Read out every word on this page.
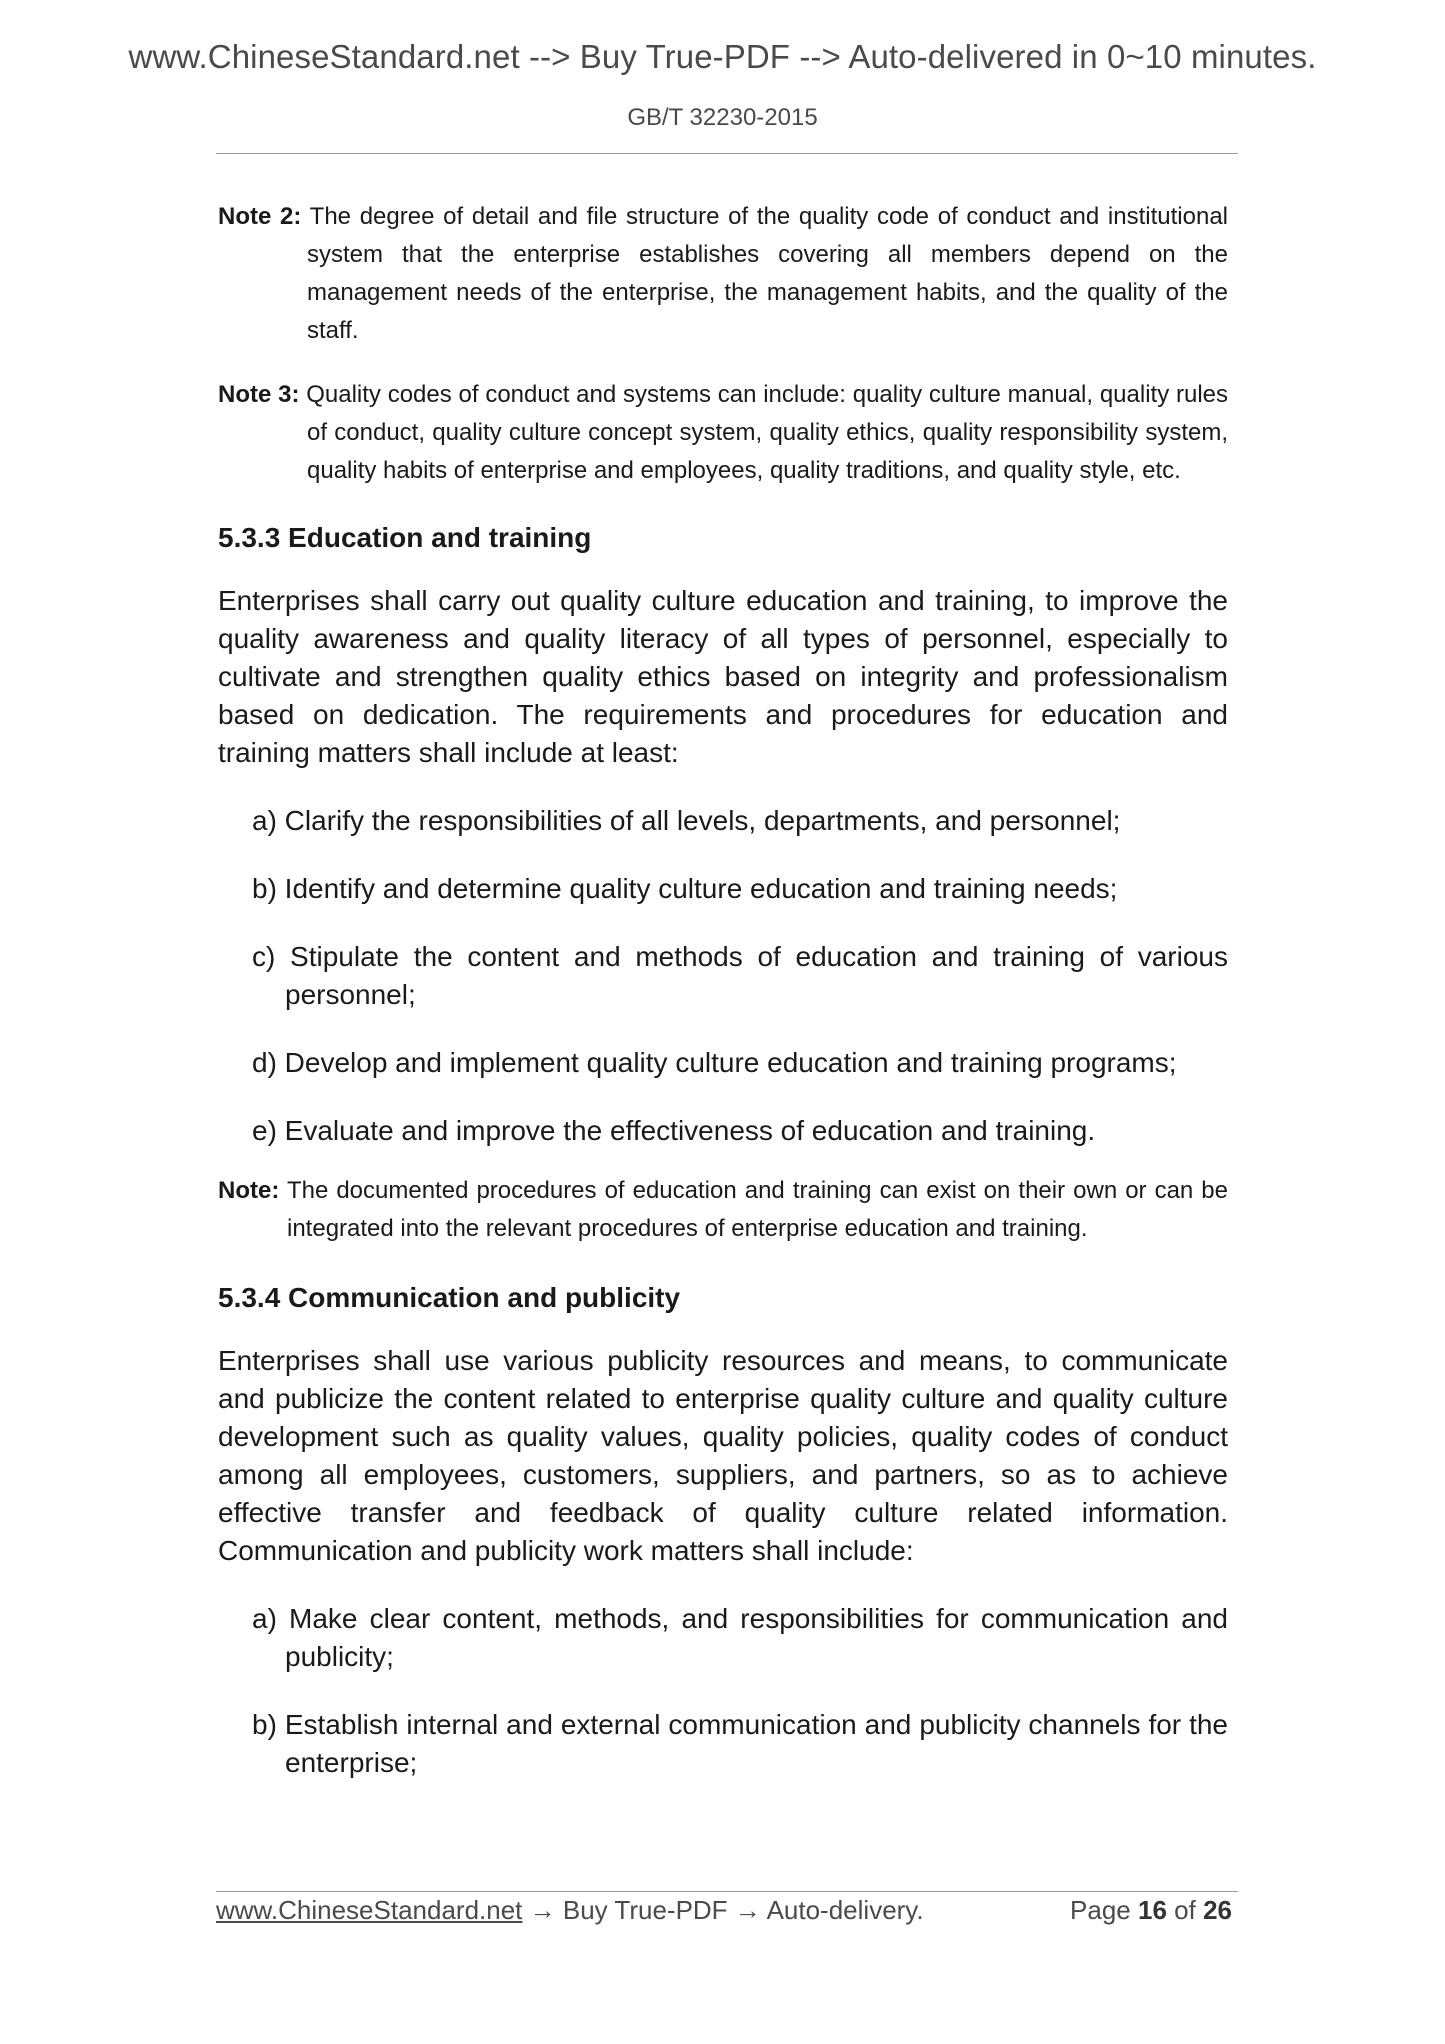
www.ChineseStandard.net --> Buy True-PDF --> Auto-delivered in 0~10 minutes.
GB/T 32230-2015
Note 2: The degree of detail and file structure of the quality code of conduct and institutional system that the enterprise establishes covering all members depend on the management needs of the enterprise, the management habits, and the quality of the staff.
Note 3: Quality codes of conduct and systems can include: quality culture manual, quality rules of conduct, quality culture concept system, quality ethics, quality responsibility system, quality habits of enterprise and employees, quality traditions, and quality style, etc.
5.3.3 Education and training

Enterprises shall carry out quality culture education and training, to improve the quality awareness and quality literacy of all types of personnel, especially to cultivate and strengthen quality ethics based on integrity and professionalism based on dedication. The requirements and procedures for education and training matters shall include at least:

a) Clarify the responsibilities of all levels, departments, and personnel;
b) Identify and determine quality culture education and training needs;
c) Stipulate the content and methods of education and training of various personnel;
d) Develop and implement quality culture education and training programs;
e) Evaluate and improve the effectiveness of education and training.
Note: The documented procedures of education and training can exist on their own or can be integrated into the relevant procedures of enterprise education and training.
5.3.4 Communication and publicity

Enterprises shall use various publicity resources and means, to communicate and publicize the content related to enterprise quality culture and quality culture development such as quality values, quality policies, quality codes of conduct among all employees, customers, suppliers, and partners, so as to achieve effective transfer and feedback of quality culture related information. Communication and publicity work matters shall include:

a) Make clear content, methods, and responsibilities for communication and publicity;
b) Establish internal and external communication and publicity channels for the enterprise;
www.ChineseStandard.net → Buy True-PDF → Auto-delivery.	Page 16 of 26
